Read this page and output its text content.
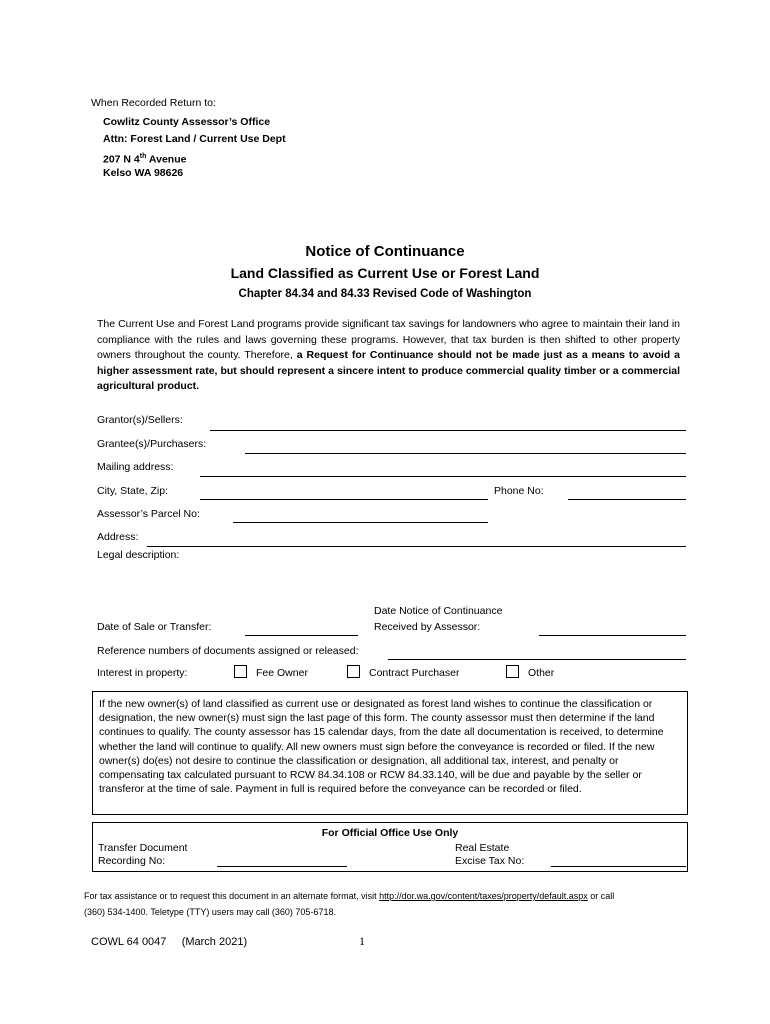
When Recorded Return to:
Cowlitz County Assessor’s Office
Attn: Forest Land / Current Use Dept
207 N 4th Avenue
Kelso WA 98626
Notice of Continuance
Land Classified as Current Use or Forest Land
Chapter 84.34 and 84.33 Revised Code of Washington
The Current Use and Forest Land programs provide significant tax savings for landowners who agree to maintain their land in compliance with the rules and laws governing these programs. However, that tax burden is then shifted to other property owners throughout the county. Therefore, a Request for Continuance should not be made just as a means to avoid a higher assessment rate, but should represent a sincere intent to produce commercial quality timber or a commercial agricultural product.
Grantor(s)/Sellers:
Grantee(s)/Purchasers:
Mailing address:
City, State, Zip:	Phone No:
Assessor’s Parcel No:
Address:
Legal description:
Date of Sale or Transfer:
Date Notice of Continuance
Received by Assessor:
Reference numbers of documents assigned or released:
Interest in property:	Fee Owner	Contract Purchaser	Other

If the new owner(s) of land classified as current use or designated as forest land wishes to continue the classification or designation, the new owner(s) must sign the last page of this form. The county assessor must then determine if the land continues to qualify. The county assessor has 15 calendar days, from the date all documentation is received, to determine whether the land will continue to qualify. All new owners must sign before the conveyance is recorded or filed. If the new owner(s) do(es) not desire to continue the classification or designation, all additional tax, interest, and penalty or compensating tax calculated pursuant to RCW 84.34.108 or RCW 84.33.140, will be due and payable by the seller or transferor at the time of sale. Payment in full is required before the conveyance can be recorded or filed.

For Official Office Use Only
Transfer Document
Recording No:
Real Estate
Excise Tax No:
For tax assistance or to request this document in an alternate format, visit http://dor.wa.gov/content/taxes/property/default.aspx or call
(360) 534-1400. Teletype (TTY) users may call (360) 705-6718.
COWL 64 0047     (March 2021)	1
